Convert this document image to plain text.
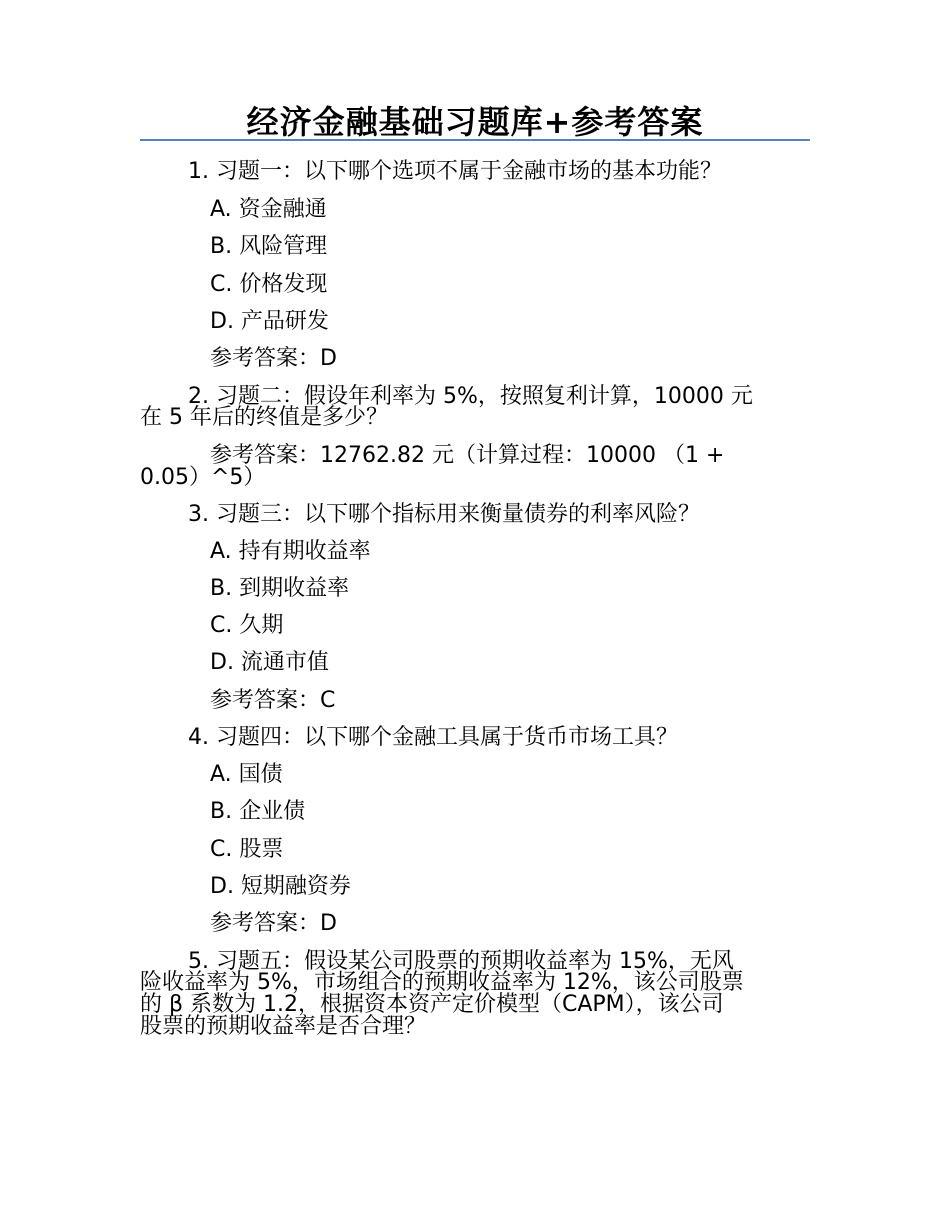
经济金融基础习题库+参考答案
1. 习题一：以下哪个选项不属于金融市场的基本功能？
A. 资金融通
B. 风险管理
C. 价格发现
D. 产品研发
参考答案：D
2. 习题二：假设年利率为 5%，按照复利计算，10000 元
在 5 年后的终值是多少？
参考答案：12762.82 元（计算过程：10000 （1 +
0.05）^5）
3. 习题三：以下哪个指标用来衡量债券的利率风险？
A. 持有期收益率
B. 到期收益率
C. 久期
D. 流通市值
参考答案：C
4. 习题四：以下哪个金融工具属于货币市场工具？
A. 国债
B. 企业债
C. 股票
D. 短期融资券
参考答案：D
5. 习题五：假设某公司股票的预期收益率为 15%，无风
险收益率为 5%，市场组合的预期收益率为 12%，该公司股票
的 β 系数为 1.2，根据资本资产定价模型（CAPM），该公司
股票的预期收益率是否合理？
